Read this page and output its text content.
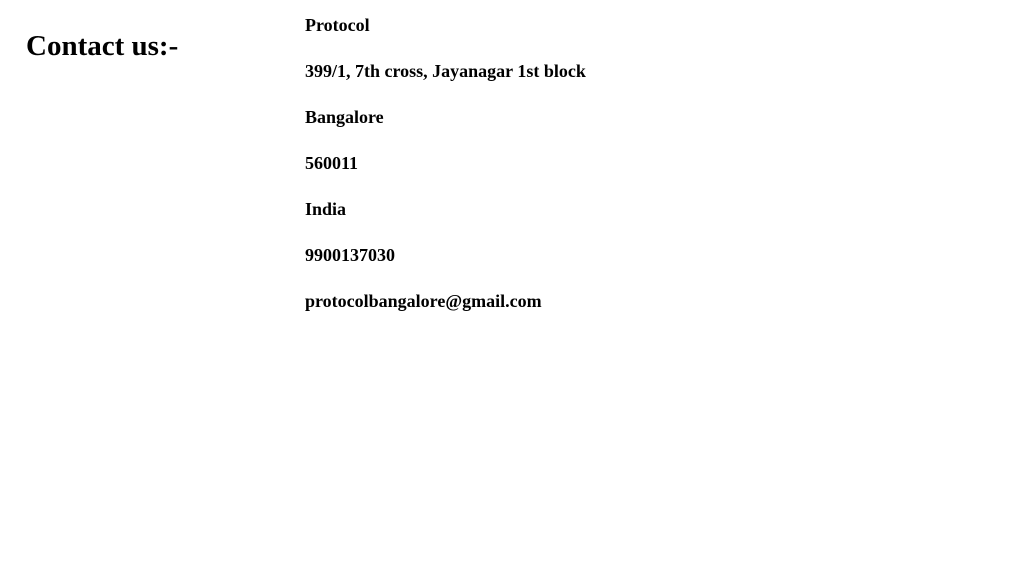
Contact us:-
Protocol
399/1, 7th cross, Jayanagar 1st block
Bangalore
560011
India
9900137030
protocolbangalore@gmail.com
